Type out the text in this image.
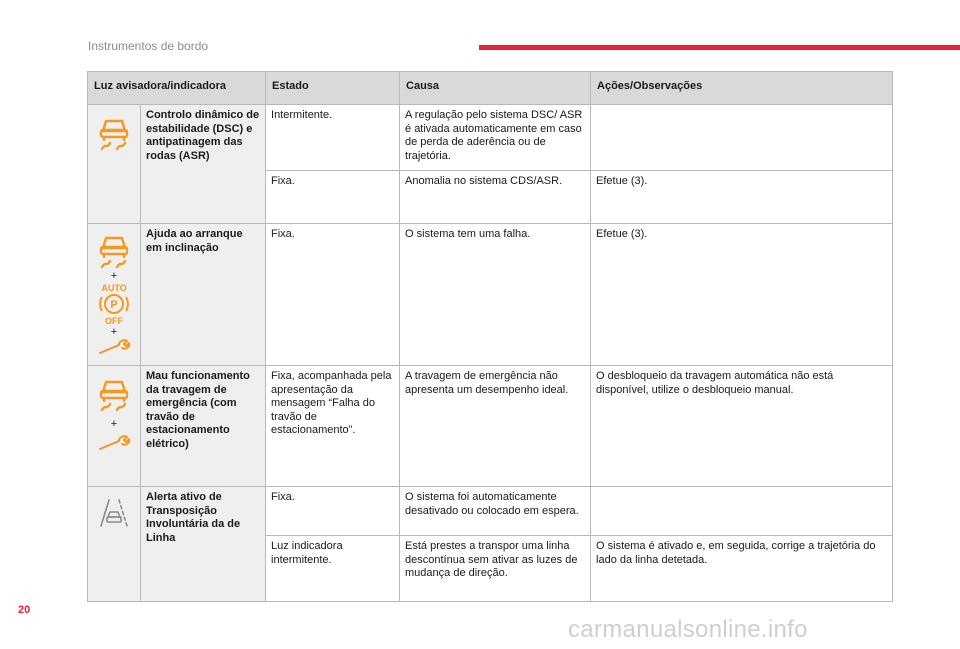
Instrumentos de bordo
Luz avisadora/indicadora		Estado	Causa	Ações/Observações

	Controlo dinâmico de estabilidade (DSC) e antipatinagem das rodas (ASR)	Intermitente.	A regulação pelo sistema DSC/ ASR é ativada automaticamente em caso de perda de aderência ou de trajetória.	
		Fixa.	Anomalia no sistema CDS/ASR.	Efetue (3).

+
AUTO
P
OFF
+	Ajuda ao arranque em inclinação	Fixa.	O sistema tem uma falha.	Efetue (3).

+	Mau funcionamento da travagem de emergência (com travão de estacionamento elétrico)	Fixa, acompanhada pela apresentação da mensagem “Falha do travão de estacionamento”.	A travagem de emergência não apresenta um desempenho ideal.	O desbloqueio da travagem automática não está disponível, utilize o desbloqueio manual.

	Alerta ativo de Transposição Involuntária da de Linha	Fixa.	O sistema foi automaticamente desativado ou colocado em espera.	
		Luz indicadora intermitente.	Está prestes a transpor uma linha descontínua sem ativar as luzes de mudança de direção.	O sistema é ativado e, em seguida, corrige a trajetória do lado da linha detetada.
20
carmanualsonline.info
